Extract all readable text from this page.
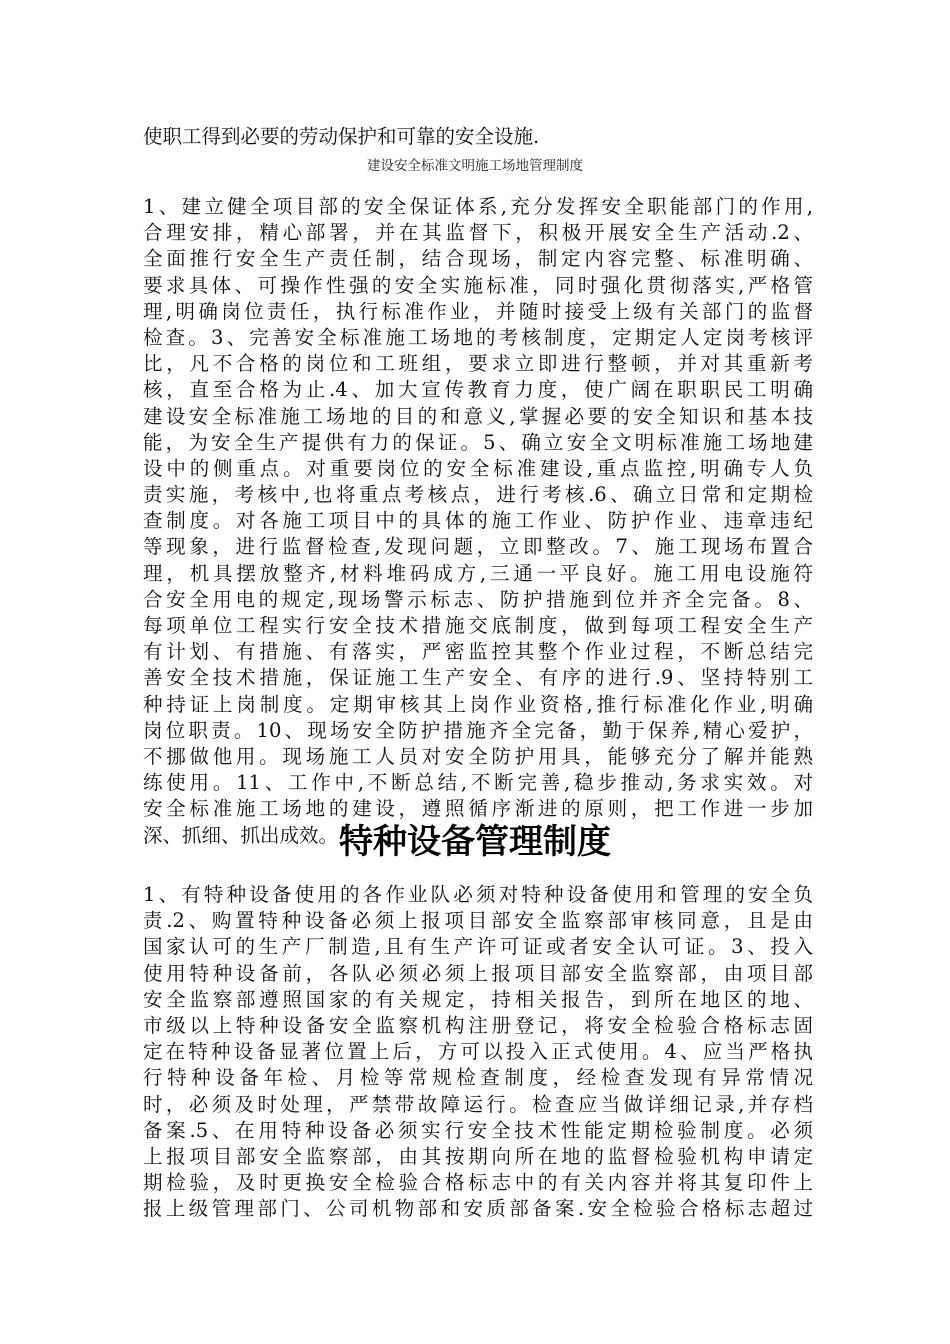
使职工得到必要的劳动保护和可靠的安全设施.
建设安全标准文明施工场地管理制度
1、建立健全项目部的安全保证体系,充分发挥安全职能部门的作用,
合理安排，精心部署，并在其监督下，积极开展安全生产活动.2、
全面推行安全生产责任制，结合现场，制定内容完整、标准明确、
要求具体、可操作性强的安全实施标准，同时强化贯彻落实,严格管
理,明确岗位责任，执行标准作业，并随时接受上级有关部门的监督
检查。3、完善安全标准施工场地的考核制度，定期定人定岗考核评
比，凡不合格的岗位和工班组，要求立即进行整顿，并对其重新考
核，直至合格为止.4、加大宣传教育力度，使广阔在职职民工明确
建设安全标准施工场地的目的和意义,掌握必要的安全知识和基本技
能，为安全生产提供有力的保证。5、确立安全文明标准施工场地建
设中的侧重点。对重要岗位的安全标准建设,重点监控,明确专人负
责实施，考核中,也将重点考核点，进行考核.6、确立日常和定期检
查制度。对各施工项目中的具体的施工作业、防护作业、违章违纪
等现象，进行监督检查,发现问题，立即整改。7、施工现场布置合
理，机具摆放整齐,材料堆码成方,三通一平良好。施工用电设施符
合安全用电的规定,现场警示标志、防护措施到位并齐全完备。8、
每项单位工程实行安全技术措施交底制度，做到每项工程安全生产
有计划、有措施、有落实，严密监控其整个作业过程，不断总结完
善安全技术措施，保证施工生产安全、有序的进行.9、坚持特别工
种持证上岗制度。定期审核其上岗作业资格,推行标准化作业,明确
岗位职责。10、现场安全防护措施齐全完备，勤于保养,精心爱护，
不挪做他用。现场施工人员对安全防护用具，能够充分了解并能熟
练使用。11、工作中,不断总结,不断完善,稳步推动,务求实效。对
安全标准施工场地的建设，遵照循序渐进的原则，把工作进一步加
深、抓细、抓出成效。 特种设备管理制度
1、有特种设备使用的各作业队必须对特种设备使用和管理的安全负
责.2、购置特种设备必须上报项目部安全监察部审核同意，且是由
国家认可的生产厂制造,且有生产许可证或者安全认可证。3、投入
使用特种设备前，各队必须必须上报项目部安全监察部，由项目部
安全监察部遵照国家的有关规定，持相关报告，到所在地区的地、
市级以上特种设备安全监察机构注册登记，将安全检验合格标志固
定在特种设备显著位置上后，方可以投入正式使用。4、应当严格执
行特种设备年检、月检等常规检查制度，经检查发现有异常情况
时，必须及时处理，严禁带故障运行。检查应当做详细记录,并存档
备案.5、在用特种设备必须实行安全技术性能定期检验制度。必须
上报项目部安全监察部，由其按期向所在地的监督检验机构申请定
期检验，及时更换安全检验合格标志中的有关内容并将其复印件上
报上级管理部门、公司机物部和安质部备案.安全检验合格标志超过
